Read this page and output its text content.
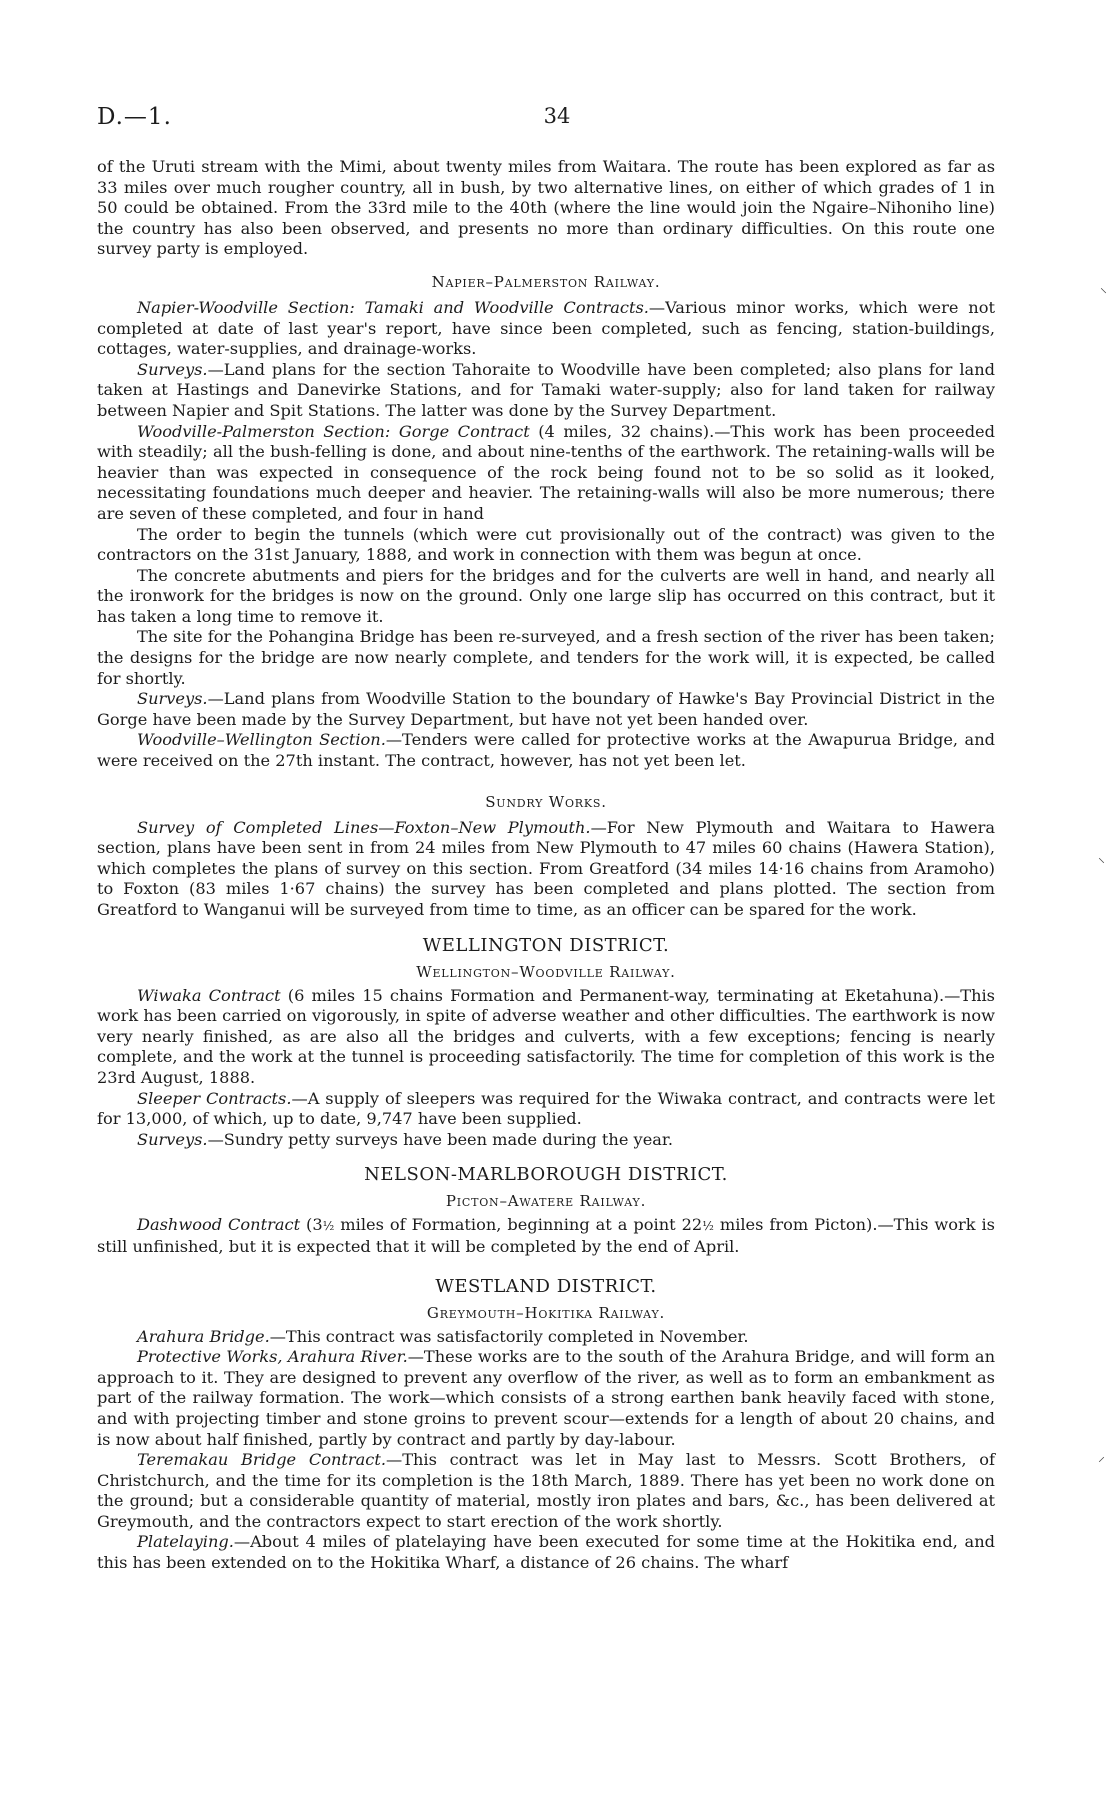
D.—1.	34
⸌
⸜
⸝

of the Uruti stream with the Mimi, about twenty miles from Waitara. The route has been explored as far as 33 miles over much rougher country, all in bush, by two alternative lines, on either of which grades of 1 in 50 could be obtained. From the 33rd mile to the 40th (where the line would join the Ngaire–Nihoniho line) the country has also been observed, and presents no more than ordinary difficulties. On this route one survey party is employed.

Napier–Palmerston Railway.

Napier-Woodville Section: Tamaki and Woodville Contracts.—Various minor works, which were not completed at date of last year's report, have since been completed, such as fencing, station-buildings, cottages, water-supplies, and drainage-works.

Surveys.—Land plans for the section Tahoraite to Woodville have been completed; also plans for land taken at Hastings and Danevirke Stations, and for Tamaki water-supply; also for land taken for railway between Napier and Spit Stations. The latter was done by the Survey Department.

Woodville-Palmerston Section: Gorge Contract (4 miles, 32 chains).—This work has been proceeded with steadily; all the bush-felling is done, and about nine-tenths of the earthwork. The retaining-walls will be heavier than was expected in consequence of the rock being found not to be so solid as it looked, necessitating foundations much deeper and heavier. The retaining-walls will also be more numerous; there are seven of these completed, and four in hand

The order to begin the tunnels (which were cut provisionally out of the contract) was given to the contractors on the 31st January, 1888, and work in connection with them was begun at once.

The concrete abutments and piers for the bridges and for the culverts are well in hand, and nearly all the ironwork for the bridges is now on the ground. Only one large slip has occurred on this contract, but it has taken a long time to remove it.

The site for the Pohangina Bridge has been re-surveyed, and a fresh section of the river has been taken; the designs for the bridge are now nearly complete, and tenders for the work will, it is expected, be called for shortly.

Surveys.—Land plans from Woodville Station to the boundary of Hawke's Bay Provincial District in the Gorge have been made by the Survey Department, but have not yet been handed over.

Woodville–Wellington Section.—Tenders were called for protective works at the Awapurua Bridge, and were received on the 27th instant. The contract, however, has not yet been let.

Sundry Works.

Survey of Completed Lines—Foxton–New Plymouth.—For New Plymouth and Waitara to Hawera section, plans have been sent in from 24 miles from New Plymouth to 47 miles 60 chains (Hawera Station), which completes the plans of survey on this section. From Greatford (34 miles 14·16 chains from Aramoho) to Foxton (83 miles 1·67 chains) the survey has been completed and plans plotted. The section from Greatford to Wanganui will be surveyed from time to time, as an officer can be spared for the work.

WELLINGTON DISTRICT.
Wellington–Woodville Railway.

Wiwaka Contract (6 miles 15 chains Formation and Permanent-way, terminating at Eketahuna).—This work has been carried on vigorously, in spite of adverse weather and other difficulties. The earthwork is now very nearly finished, as are also all the bridges and culverts, with a few exceptions; fencing is nearly complete, and the work at the tunnel is proceeding satisfactorily. The time for completion of this work is the 23rd August, 1888.

Sleeper Contracts.—A supply of sleepers was required for the Wiwaka contract, and contracts were let for 13,000, of which, up to date, 9,747 have been supplied.

Surveys.—Sundry petty surveys have been made during the year.

NELSON-MARLBOROUGH DISTRICT.
Picton–Awatere Railway.

Dashwood Contract (3½ miles of Formation, beginning at a point 22½ miles from Picton).—This work is still unfinished, but it is expected that it will be completed by the end of April.

WESTLAND DISTRICT.
Greymouth–Hokitika Railway.

Arahura Bridge.—This contract was satisfactorily completed in November.

Protective Works, Arahura River.—These works are to the south of the Arahura Bridge, and will form an approach to it. They are designed to prevent any overflow of the river, as well as to form an embankment as part of the railway formation. The work—which consists of a strong earthen bank heavily faced with stone, and with projecting timber and stone groins to prevent scour—extends for a length of about 20 chains, and is now about half finished, partly by contract and partly by day-labour.

Teremakau Bridge Contract.—This contract was let in May last to Messrs. Scott Brothers, of Christchurch, and the time for its completion is the 18th March, 1889. There has yet been no work done on the ground; but a considerable quantity of material, mostly iron plates and bars, &c., has been delivered at Greymouth, and the contractors expect to start erection of the work shortly.

Platelaying.—About 4 miles of platelaying have been executed for some time at the Hokitika end, and this has been extended on to the Hokitika Wharf, a distance of 26 chains. The wharf
